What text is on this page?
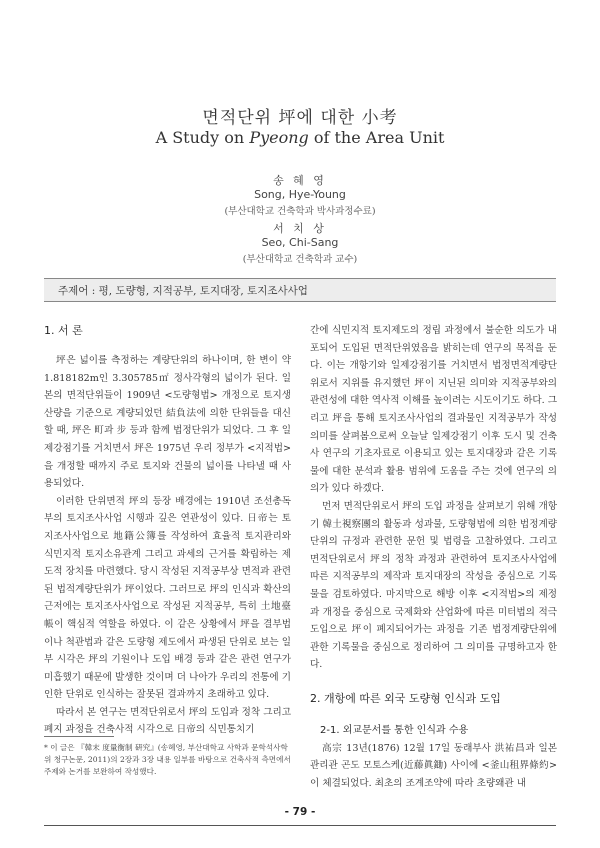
면적단위 坪에 대한 小考
A Study on Pyeong of the Area Unit
송 혜 영
Song, Hye-Young
(부산대학교 건축학과 박사과정수료)
서 치 상
Seo, Chi-Sang
(부산대학교 건축학과 교수)
주제어 : 평, 도량형, 지적공부, 토지대장, 토지조사사업
1. 서 론

坪은 넓이를 측정하는 계량단위의 하나이며, 한 변이 약 1.818182m인 3.305785㎡ 정사각형의 넓이가 된다. 일본의 면적단위들이 1909년 <도량형법> 개정으로 토지생산량을 기준으로 계량되었던 結負法에 의한 단위들을 대신할 때, 坪은 町과 步 등과 함께 법정단위가 되었다. 그 후 일제강점기를 거치면서 坪은 1975년 우리 정부가 <지적법>을 개정할 때까지 주로 토지와 건물의 넓이를 나타낼 때 사용되었다.

이러한 단위면적 坪의 등장 배경에는 1910년 조선총독부의 토지조사사업 시행과 깊은 연관성이 있다. 日帝는 토지조사사업으로 地籍公簿를 작성하여 효율적 토지관리와 식민지적 토지소유관계 그리고 과세의 근거를 확립하는 제도적 장치를 마련했다. 당시 작성된 지적공부상 면적과 관련된 법적계량단위가 坪이었다. 그러므로 坪의 인식과 확산의 근저에는 토지조사사업으로 작성된 지적공부, 특히 土地臺帳이 핵심적 역할을 하였다. 이 같은 상황에서 坪을 결부법이나 척관법과 같은 도량형 제도에서 파생된 단위로 보는 일부 시각은 坪의 기원이나 도입 배경 등과 같은 관련 연구가 미흡했기 때문에 발생한 것이며 더 나아가 우리의 전통에 기인한 단위로 인식하는 잘못된 결과까지 초래하고 있다.

따라서 본 연구는 면적단위로서 坪의 도입과 정착 그리고 폐지 과정을 건축사적 시각으로 日帝의 식민통치기

* 이 글은 『韓末 度量衡制 硏究』(송혜영, 부산대학교 사학과 문학석사학위 청구논문, 2011)의 2장과 3장 내용 일부를 바탕으로 건축사적 측면에서 주제와 논거를 보완하여 작성했다.

간에 식민지적 토지제도의 정립 과정에서 불순한 의도가 내포되어 도입된 면적단위였음을 밝히는데 연구의 목적을 둔다. 이는 개항기와 일제강점기를 거치면서 법정면적계량단위로서 지위를 유지했던 坪이 지닌된 의미와 지적공부와의 관련성에 대한 역사적 이해를 높이려는 시도이기도 하다. 그리고 坪을 통해 토지조사사업의 결과물인 지적공부가 작성 의미를 살펴봄으로써 오늘날 일제강점기 이후 도시 및 건축사 연구의 기초자료로 이용되고 있는 토지대장과 같은 기록물에 대한 분석과 활용 범위에 도움을 주는 것에 연구의 의의가 있다 하겠다.

먼저 면적단위로서 坪의 도입 과정을 살펴보기 위해 개항기 韓土視察團의 활동과 성과물, 도량형법에 의한 법정계량단위의 규정과 관련한 문헌 및 법령을 고찰하였다. 그리고 면적단위로서 坪의 정착 과정과 관련하여 토지조사사업에 따른 지적공부의 제작과 토지대장의 작성을 중심으로 기록물을 검토하였다. 마지막으로 해방 이후 <지적법>의 제정과 개정을 중심으로 국제화와 산업화에 따른 미터법의 적극 도입으로 坪이 폐지되어가는 과정을 기존 법정계량단위에 관한 기록물을 중심으로 정리하여 그 의미를 규명하고자 한다.

2. 개항에 따른 외국 도량형 인식과 도입
2-1. 외교문서를 통한 인식과 수용

高宗 13년(1876) 12월 17일 동래부사 洪祐昌과 일본 관리관 곤도 모토스케(近藤眞鋤) 사이에 <釜山租界條約>이 체결되었다. 최초의 조계조약에 따라 초량왜관 내

- 79 -
